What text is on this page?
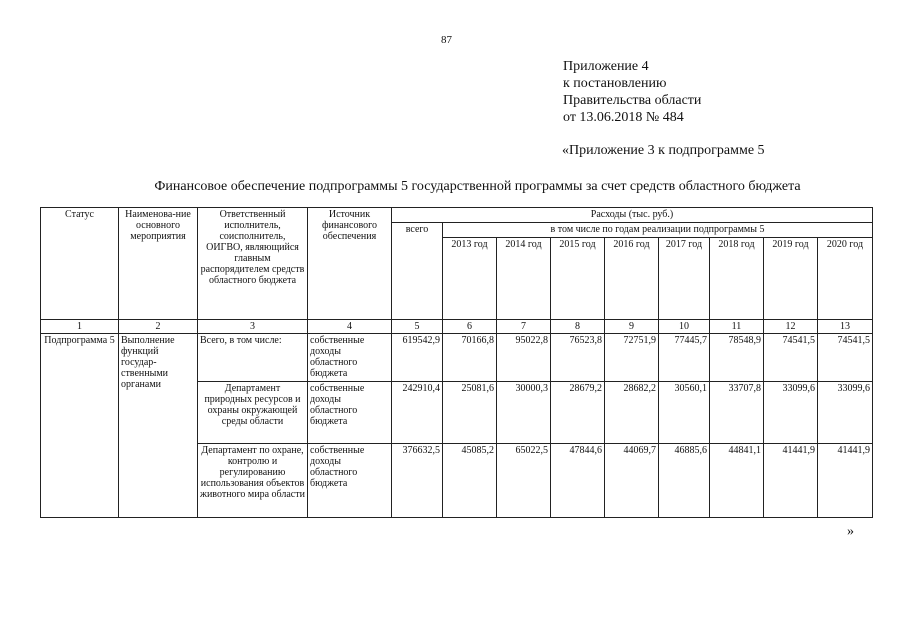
87
Приложение 4
к постановлению
Правительства области
от 13.06.2018 № 484
«Приложение 3 к подпрограмме 5
Финансовое обеспечение подпрограммы 5 государственной программы за счет средств областного бюджета
Статус	Наименова-ние основного мероприятия	Ответственный исполнитель, соисполнитель, ОИГВО, являющийся главным распорядителем средств областного бюджета	Источник финансового обеспечения	Расходы (тыс. руб.)								
				всего	в том числе по годам реализации подпрограммы 5							
					2013 год	2014 год	2015 год	2016 год	2017 год	2018 год	2019 год	2020 год
1	2	3	4	5	6	7	8	9	10	11	12	13
Подпрограмма 5	Выполнение функций государ-ственными органами	Всего, в том числе:	собственные доходы областного бюджета	619542,9	70166,8	95022,8	76523,8	72751,9	77445,7	78548,9	74541,5	74541,5
		Департамент природных ресурсов и охраны окружающей среды области	собственные доходы областного бюджета	242910,4	25081,6	30000,3	28679,2	28682,2	30560,1	33707,8	33099,6	33099,6
		Департамент по охране, контролю и регулированию использования объектов животного мира области	собственные доходы областного бюджета	376632,5	45085,2	65022,5	47844,6	44069,7	46885,6	44841,1	41441,9	41441,9
»
